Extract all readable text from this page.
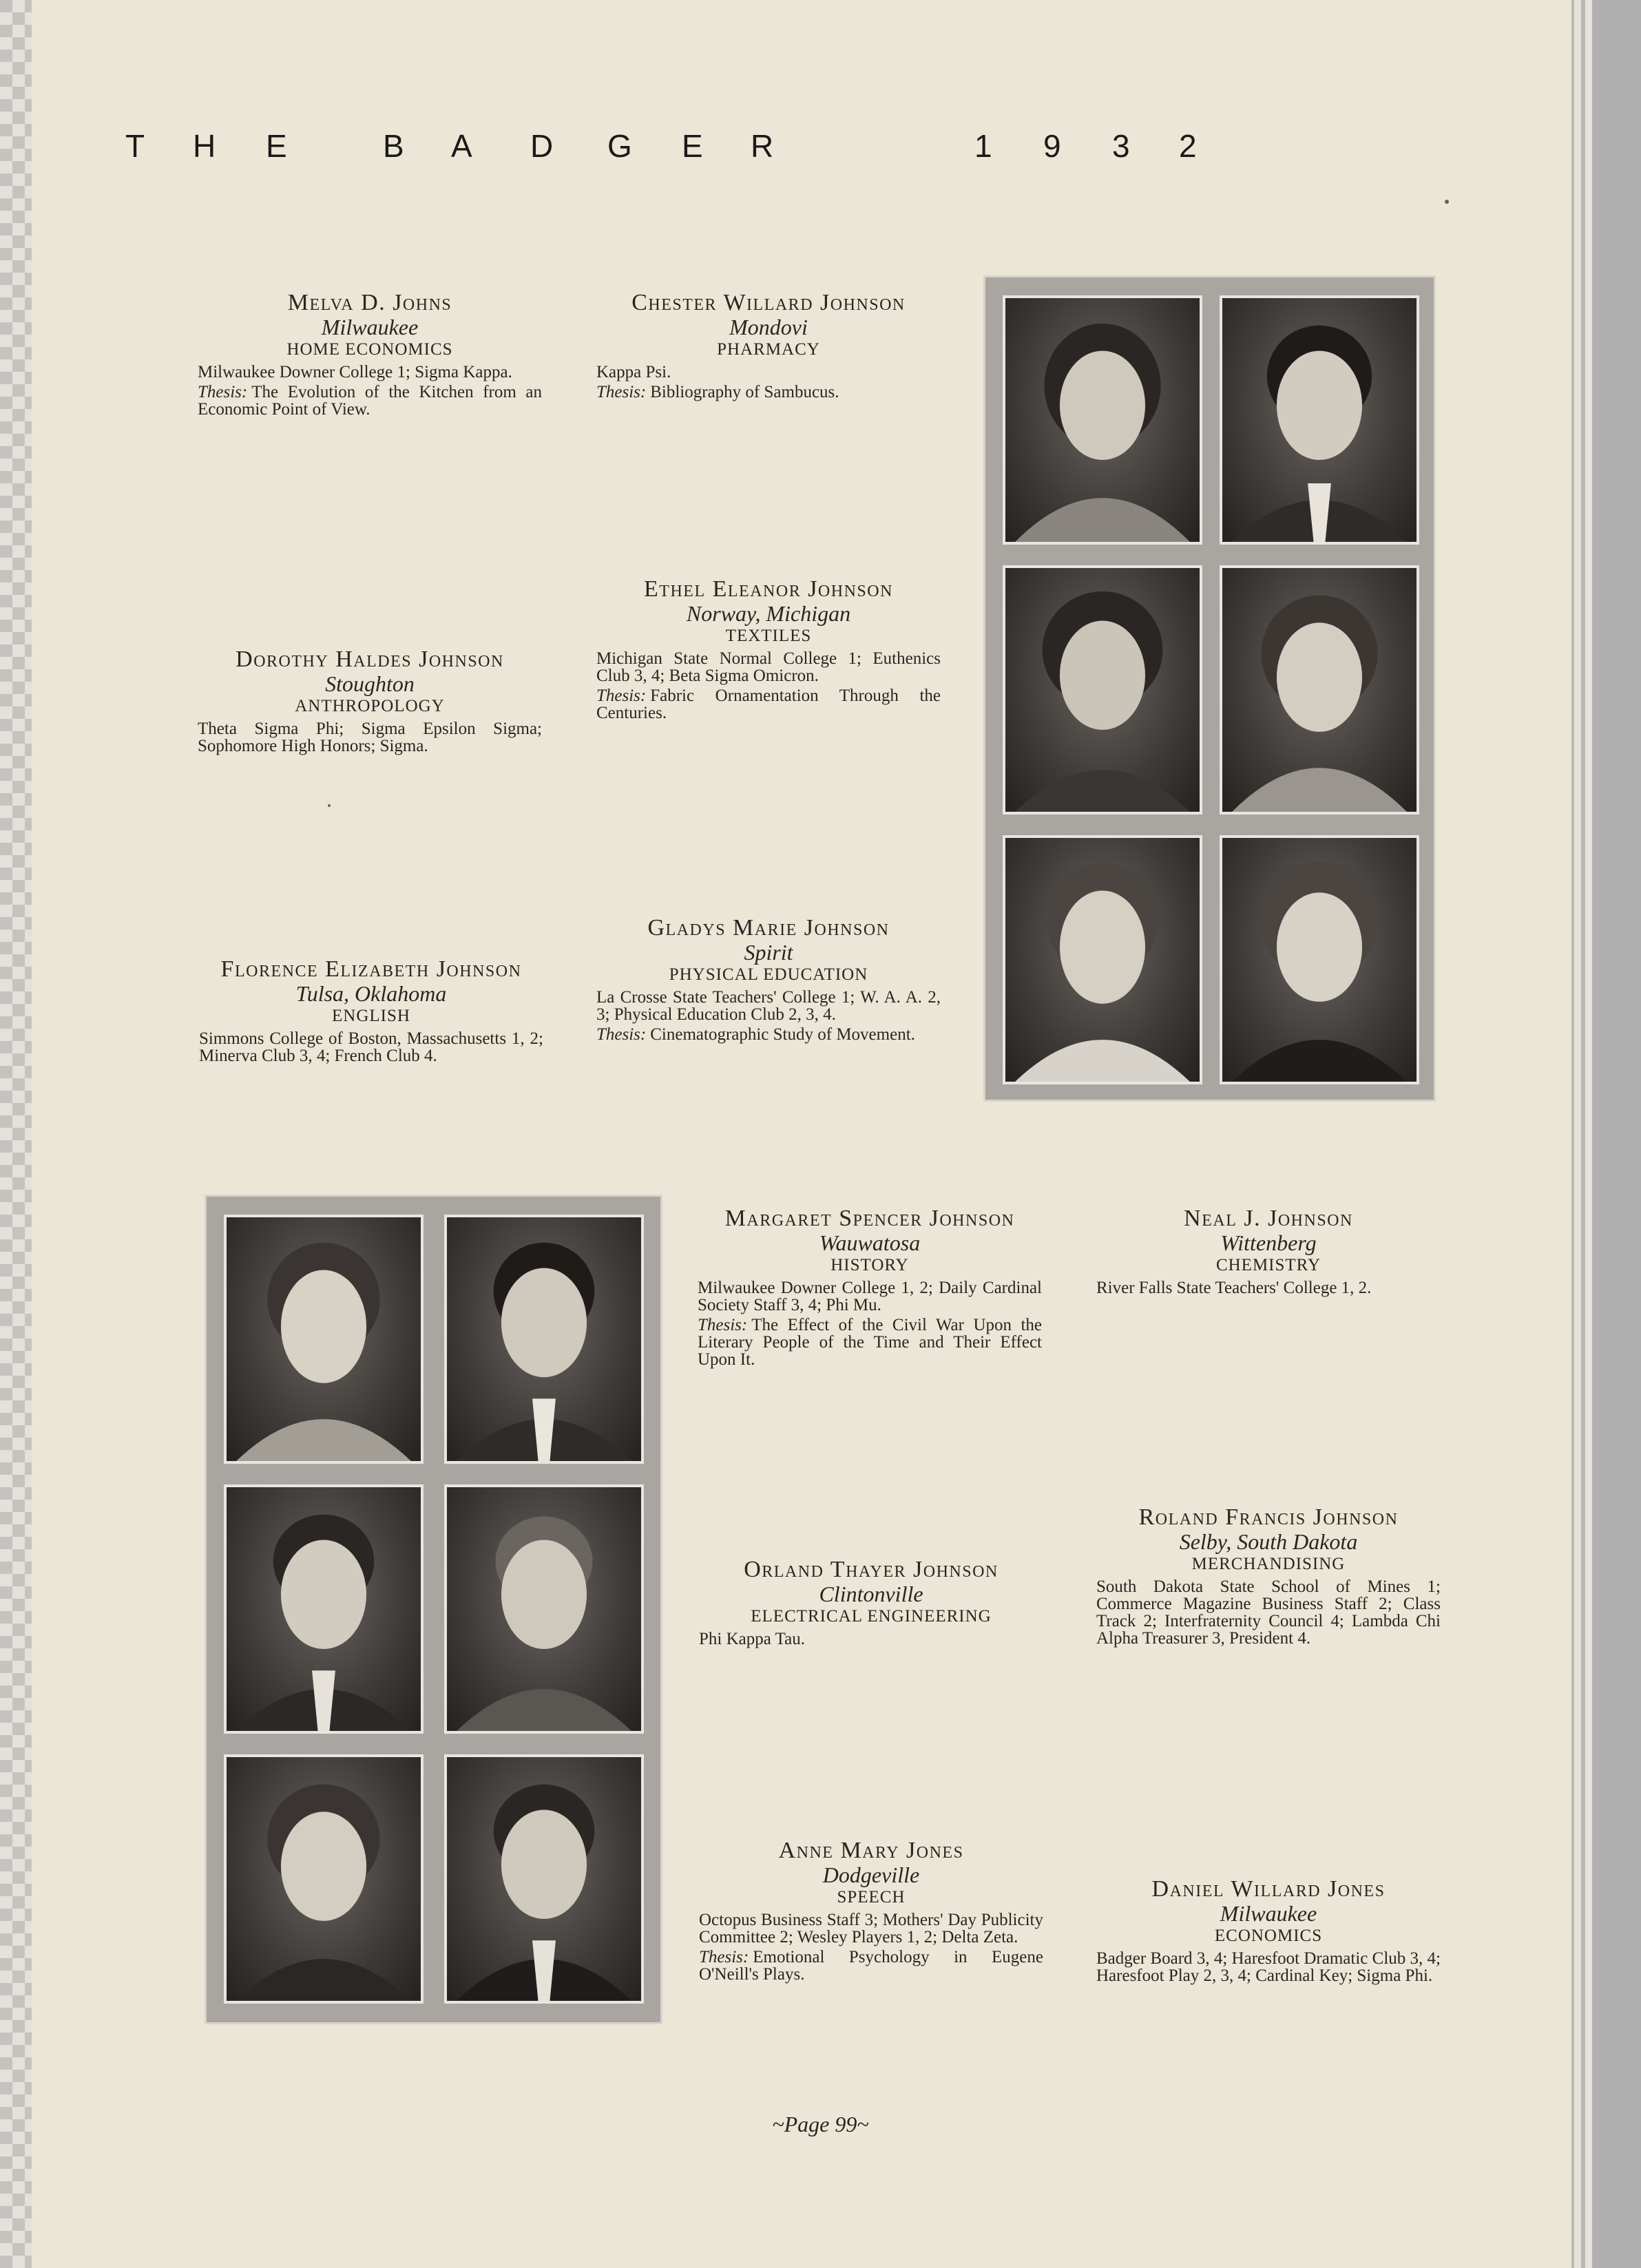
T H E	B A D G E R	1 9 3 2
Melva D. Johns
Milwaukee
HOME ECONOMICS
Milwaukee Downer College 1; Sigma Kappa.
Thesis: The Evolution of the Kitchen from an Economic Point of View.
Chester Willard Johnson
Mondovi
PHARMACY
Kappa Psi.
Thesis: Bibliography of Sambucus.
Ethel Eleanor Johnson
Norway, Michigan
TEXTILES
Michigan State Normal College 1; Euthenics Club 3, 4; Beta Sigma Omicron.
Thesis: Fabric Ornamentation Through the Centuries.
Dorothy Haldes Johnson
Stoughton
ANTHROPOLOGY
Theta Sigma Phi; Sigma Epsilon Sigma; Sophomore High Honors; Sigma.
Gladys Marie Johnson
Spirit
PHYSICAL EDUCATION
La Crosse State Teachers' College 1; W. A. A. 2, 3; Physical Education Club 2, 3, 4.
Thesis: Cinematographic Study of Movement.
Florence Elizabeth Johnson
Tulsa, Oklahoma
ENGLISH
Simmons College of Boston, Massachusetts 1, 2; Minerva Club 3, 4; French Club 4.
Margaret Spencer Johnson
Wauwatosa
HISTORY
Milwaukee Downer College 1, 2; Daily Cardinal Society Staff 3, 4; Phi Mu.
Thesis: The Effect of the Civil War Upon the Literary People of the Time and Their Effect Upon It.
Neal J. Johnson
Wittenberg
CHEMISTRY
River Falls State Teachers' College 1, 2.
Roland Francis Johnson
Selby, South Dakota
MERCHANDISING
South Dakota State School of Mines 1; Commerce Magazine Business Staff 2; Class Track 2; Interfraternity Council 4; Lambda Chi Alpha Treasurer 3, President 4.
Orland Thayer Johnson
Clintonville
ELECTRICAL ENGINEERING
Phi Kappa Tau.
Anne Mary Jones
Dodgeville
SPEECH
Octopus Business Staff 3; Mothers' Day Publicity Committee 2; Wesley Players 1, 2; Delta Zeta.
Thesis: Emotional Psychology in Eugene O'Neill's Plays.
Daniel Willard Jones
Milwaukee
ECONOMICS
Badger Board 3, 4; Haresfoot Dramatic Club 3, 4; Haresfoot Play 2, 3, 4; Cardinal Key; Sigma Phi.
~Page 99~
